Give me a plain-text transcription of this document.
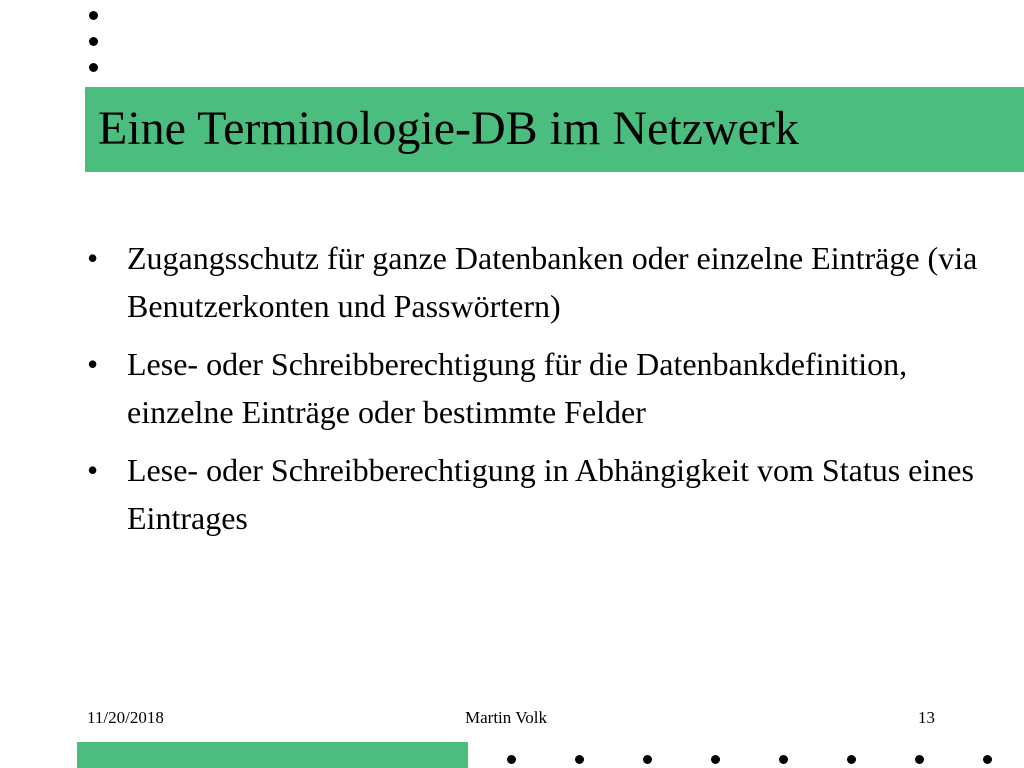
Eine Terminologie-DB im Netzwerk
• Zugangsschutz für ganze Datenbanken oder einzelne Einträge (via Benutzerkonten und Passwörtern)
• Lese- oder Schreibberechtigung für die Datenbankdefinition, einzelne Einträge oder bestimmte Felder
• Lese- oder Schreibberechtigung in Abhängigkeit vom Status eines Eintrages
11/20/2018	Martin Volk	13
